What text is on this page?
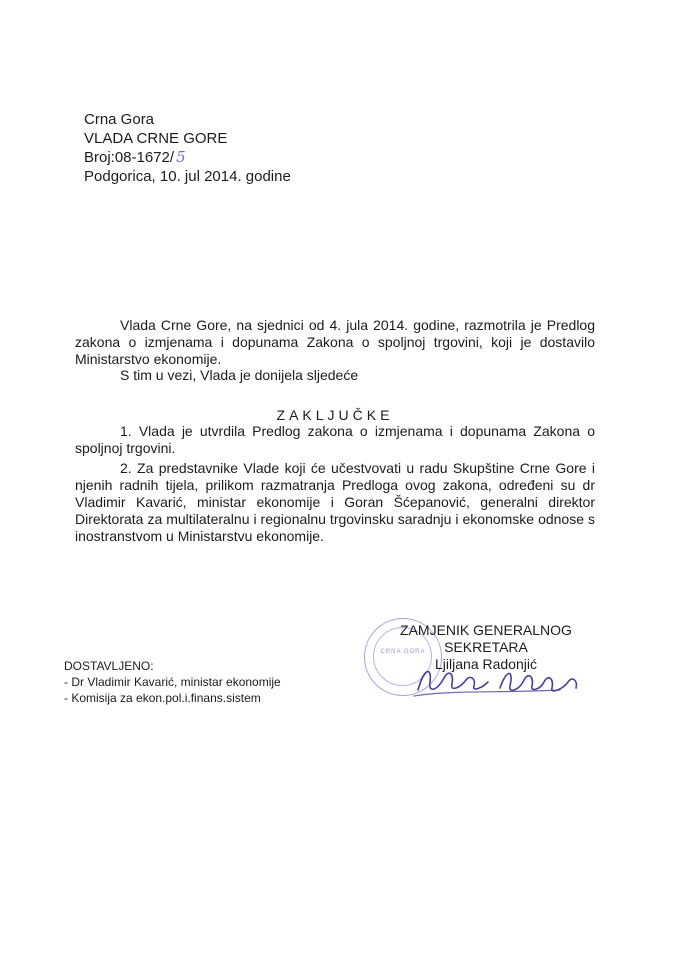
Crna Gora
VLADA CRNE GORE
Broj:08-1672/ 5
Podgorica, 10. jul 2014. godine
Vlada Crne Gore, na sjednici od 4. jula 2014. godine, razmotrila je Predlog zakona o izmjenama i dopunama Zakona o spoljnoj trgovini, koji je dostavilo Ministarstvo ekonomije.
S tim u vezi, Vlada je donijela sljedeće
ZAKLJUČKE
1. Vlada je utvrdila Predlog zakona o izmjenama i dopunama Zakona o spoljnoj trgovini.
2. Za predstavnike Vlade koji će učestvovati u radu Skupštine Crne Gore i njenih radnih tijela, prilikom razmatranja Predloga ovog zakona, određeni su dr Vladimir Kavarić, ministar ekonomije i Goran Šćepanović, generalni direktor Direktorata za multilateralnu i regionalnu trgovinsku saradnju i ekonomske odnose s inostranstvom u Ministarstvu ekonomije.
CRNA GORA
ZAMJENIK GENERALNOG
SEKRETARA
Ljiljana Radonjić
DOSTAVLJENO:
- Dr Vladimir Kavarić, ministar ekonomije
- Komisija za ekon.pol.i.finans.sistem
